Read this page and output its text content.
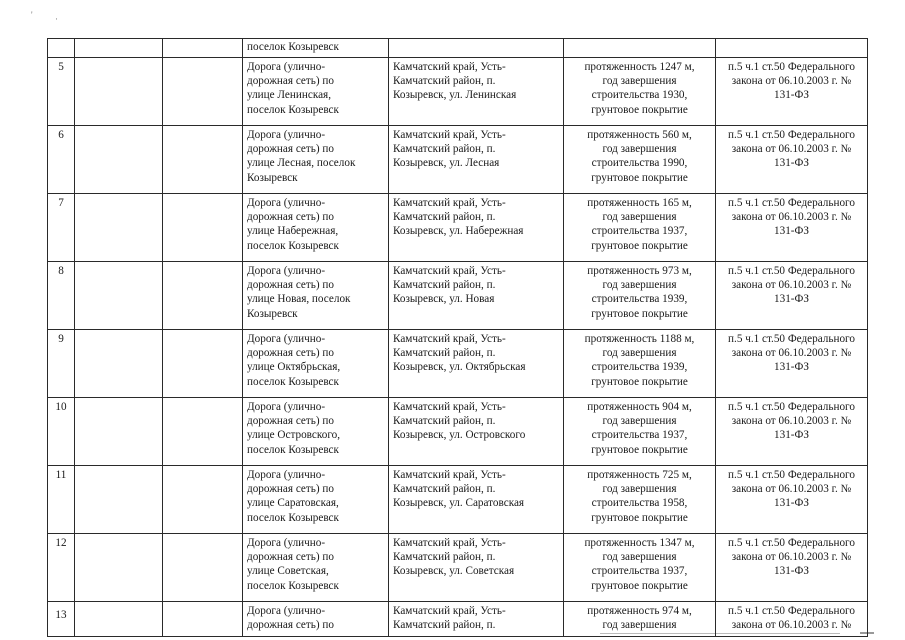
' ·

			поселок Козыревск			

5			Дорога (улично-
дорожная сеть) по
улице Ленинская,
поселок Козыревск	Камчатский край, Усть-
Камчатский район, п.
Козыревск, ул. Ленинская	протяженность 1247 м,
год завершения
строительства 1930,
грунтовое покрытие	п.5 ч.1 ст.50 Федерального
закона от 06.10.2003 г. №
131-ФЗ

6			Дорога (улично-
дорожная сеть) по
улице Лесная, поселок
Козыревск	Камчатский край, Усть-
Камчатский район, п.
Козыревск, ул. Лесная	протяженность 560 м,
год завершения
строительства 1990,
грунтовое покрытие	п.5 ч.1 ст.50 Федерального
закона от 06.10.2003 г. №
131-ФЗ

7			Дорога (улично-
дорожная сеть) по
улице Набережная,
поселок Козыревск	Камчатский край, Усть-
Камчатский район, п.
Козыревск, ул. Набережная	протяженность 165 м,
год завершения
строительства 1937,
грунтовое покрытие	п.5 ч.1 ст.50 Федерального
закона от 06.10.2003 г. №
131-ФЗ

8			Дорога (улично-
дорожная сеть) по
улице Новая, поселок
Козыревск	Камчатский край, Усть-
Камчатский район, п.
Козыревск, ул. Новая	протяженность 973 м,
год завершения
строительства 1939,
грунтовое покрытие	п.5 ч.1 ст.50 Федерального
закона от 06.10.2003 г. №
131-ФЗ

9			Дорога (улично-
дорожная сеть) по
улице Октябрьская,
поселок Козыревск	Камчатский край, Усть-
Камчатский район, п.
Козыревск, ул. Октябрьская	протяженность 1188 м,
год завершения
строительства 1939,
грунтовое покрытие	п.5 ч.1 ст.50 Федерального
закона от 06.10.2003 г. №
131-ФЗ

10			Дорога (улично-
дорожная сеть) по
улице Островского,
поселок Козыревск	Камчатский край, Усть-
Камчатский район, п.
Козыревск, ул. Островского	протяженность 904 м,
год завершения
строительства 1937,
грунтовое покрытие	п.5 ч.1 ст.50 Федерального
закона от 06.10.2003 г. №
131-ФЗ

11			Дорога (улично-
дорожная сеть) по
улице Саратовская,
поселок Козыревск	Камчатский край, Усть-
Камчатский район, п.
Козыревск, ул. Саратовская	протяженность 725 м,
год завершения
строительства 1958,
грунтовое покрытие	п.5 ч.1 ст.50 Федерального
закона от 06.10.2003 г. №
131-ФЗ

12			Дорога (улично-
дорожная сеть) по
улице Советская,
поселок Козыревск	Камчатский край, Усть-
Камчатский район, п.
Козыревск, ул. Советская	протяженность 1347 м,
год завершения
строительства 1937,
грунтовое покрытие	п.5 ч.1 ст.50 Федерального
закона от 06.10.2003 г. №
131-ФЗ

13			Дорога (улично-
дорожная сеть) по	Камчатский край, Усть-
Камчатский район, п.	протяженность 974 м,
год завершения	п.5 ч.1 ст.50 Федерального
закона от 06.10.2003 г. №
